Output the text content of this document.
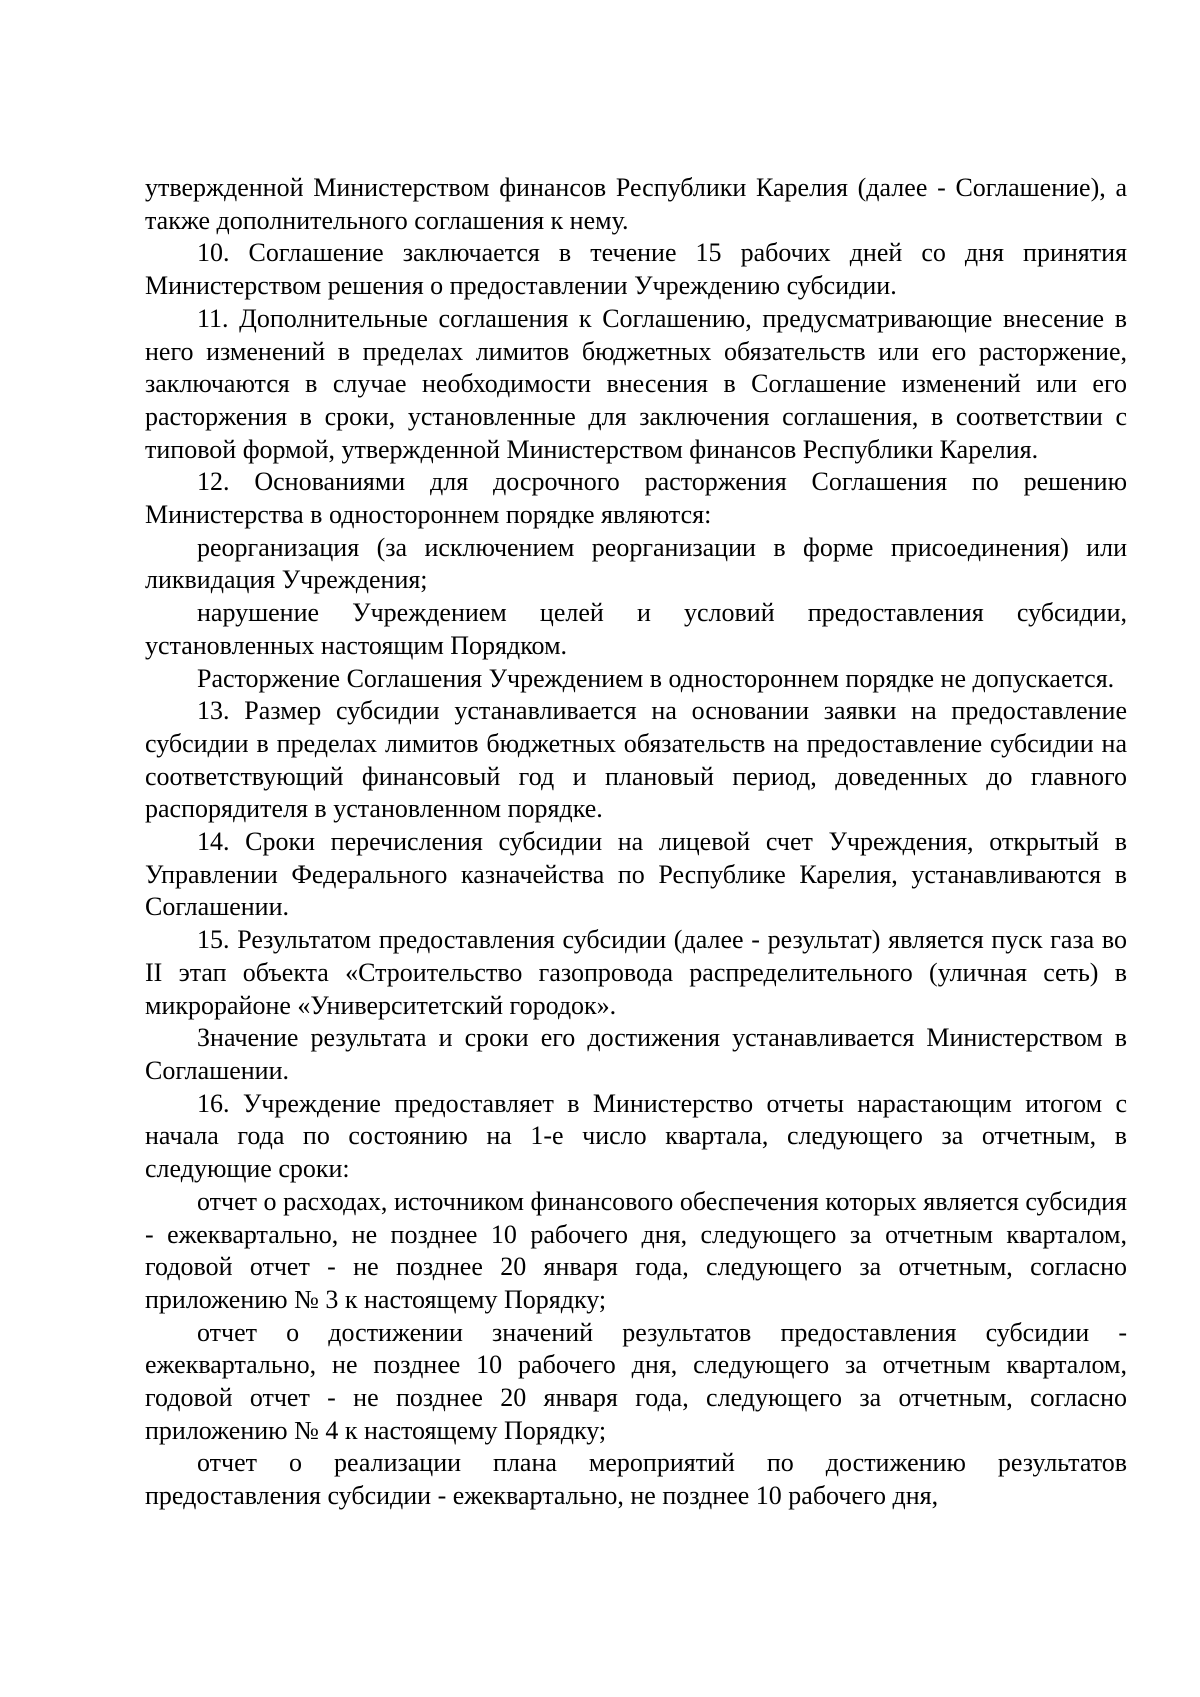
утвержденной Министерством финансов Республики Карелия (далее - Соглашение), а также дополнительного соглашения к нему.

10. Соглашение заключается в течение 15 рабочих дней со дня принятия Министерством решения о предоставлении Учреждению субсидии.

11. Дополнительные соглашения к Соглашению, предусматривающие внесение в него изменений в пределах лимитов бюджетных обязательств или его расторжение, заключаются в случае необходимости внесения в Соглашение изменений или его расторжения в сроки, установленные для заключения соглашения, в соответствии с типовой формой, утвержденной Министерством финансов Республики Карелия.

12. Основаниями для досрочного расторжения Соглашения по решению Министерства в одностороннем порядке являются:

реорганизация (за исключением реорганизации в форме присоединения) или ликвидация Учреждения;

нарушение Учреждением целей и условий предоставления субсидии, установленных настоящим Порядком.

Расторжение Соглашения Учреждением в одностороннем порядке не допускается.

13. Размер субсидии устанавливается на основании заявки на предоставление субсидии в пределах лимитов бюджетных обязательств на предоставление субсидии на соответствующий финансовый год и плановый период, доведенных до главного распорядителя в установленном порядке.

14. Сроки перечисления субсидии на лицевой счет Учреждения, открытый в Управлении Федерального казначейства по Республике Карелия, устанавливаются в Соглашении.

15. Результатом предоставления субсидии (далее - результат) является пуск газа во II этап объекта «Строительство газопровода распределительного (уличная сеть) в микрорайоне «Университетский городок».

Значение результата и сроки его достижения устанавливается Министерством в Соглашении.

16. Учреждение предоставляет в Министерство отчеты нарастающим итогом с начала года по состоянию на 1-е число квартала, следующего за отчетным, в следующие сроки:

отчет о расходах, источником финансового обеспечения которых является субсидия - ежеквартально, не позднее 10 рабочего дня, следующего за отчетным кварталом, годовой отчет - не позднее 20 января года, следующего за отчетным, согласно приложению № 3 к настоящему Порядку;

отчет о достижении значений результатов предоставления субсидии - ежеквартально, не позднее 10 рабочего дня, следующего за отчетным кварталом, годовой отчет - не позднее 20 января года, следующего за отчетным, согласно приложению № 4 к настоящему Порядку;

отчет о реализации плана мероприятий по достижению результатов предоставления субсидии - ежеквартально, не позднее 10 рабочего дня,
